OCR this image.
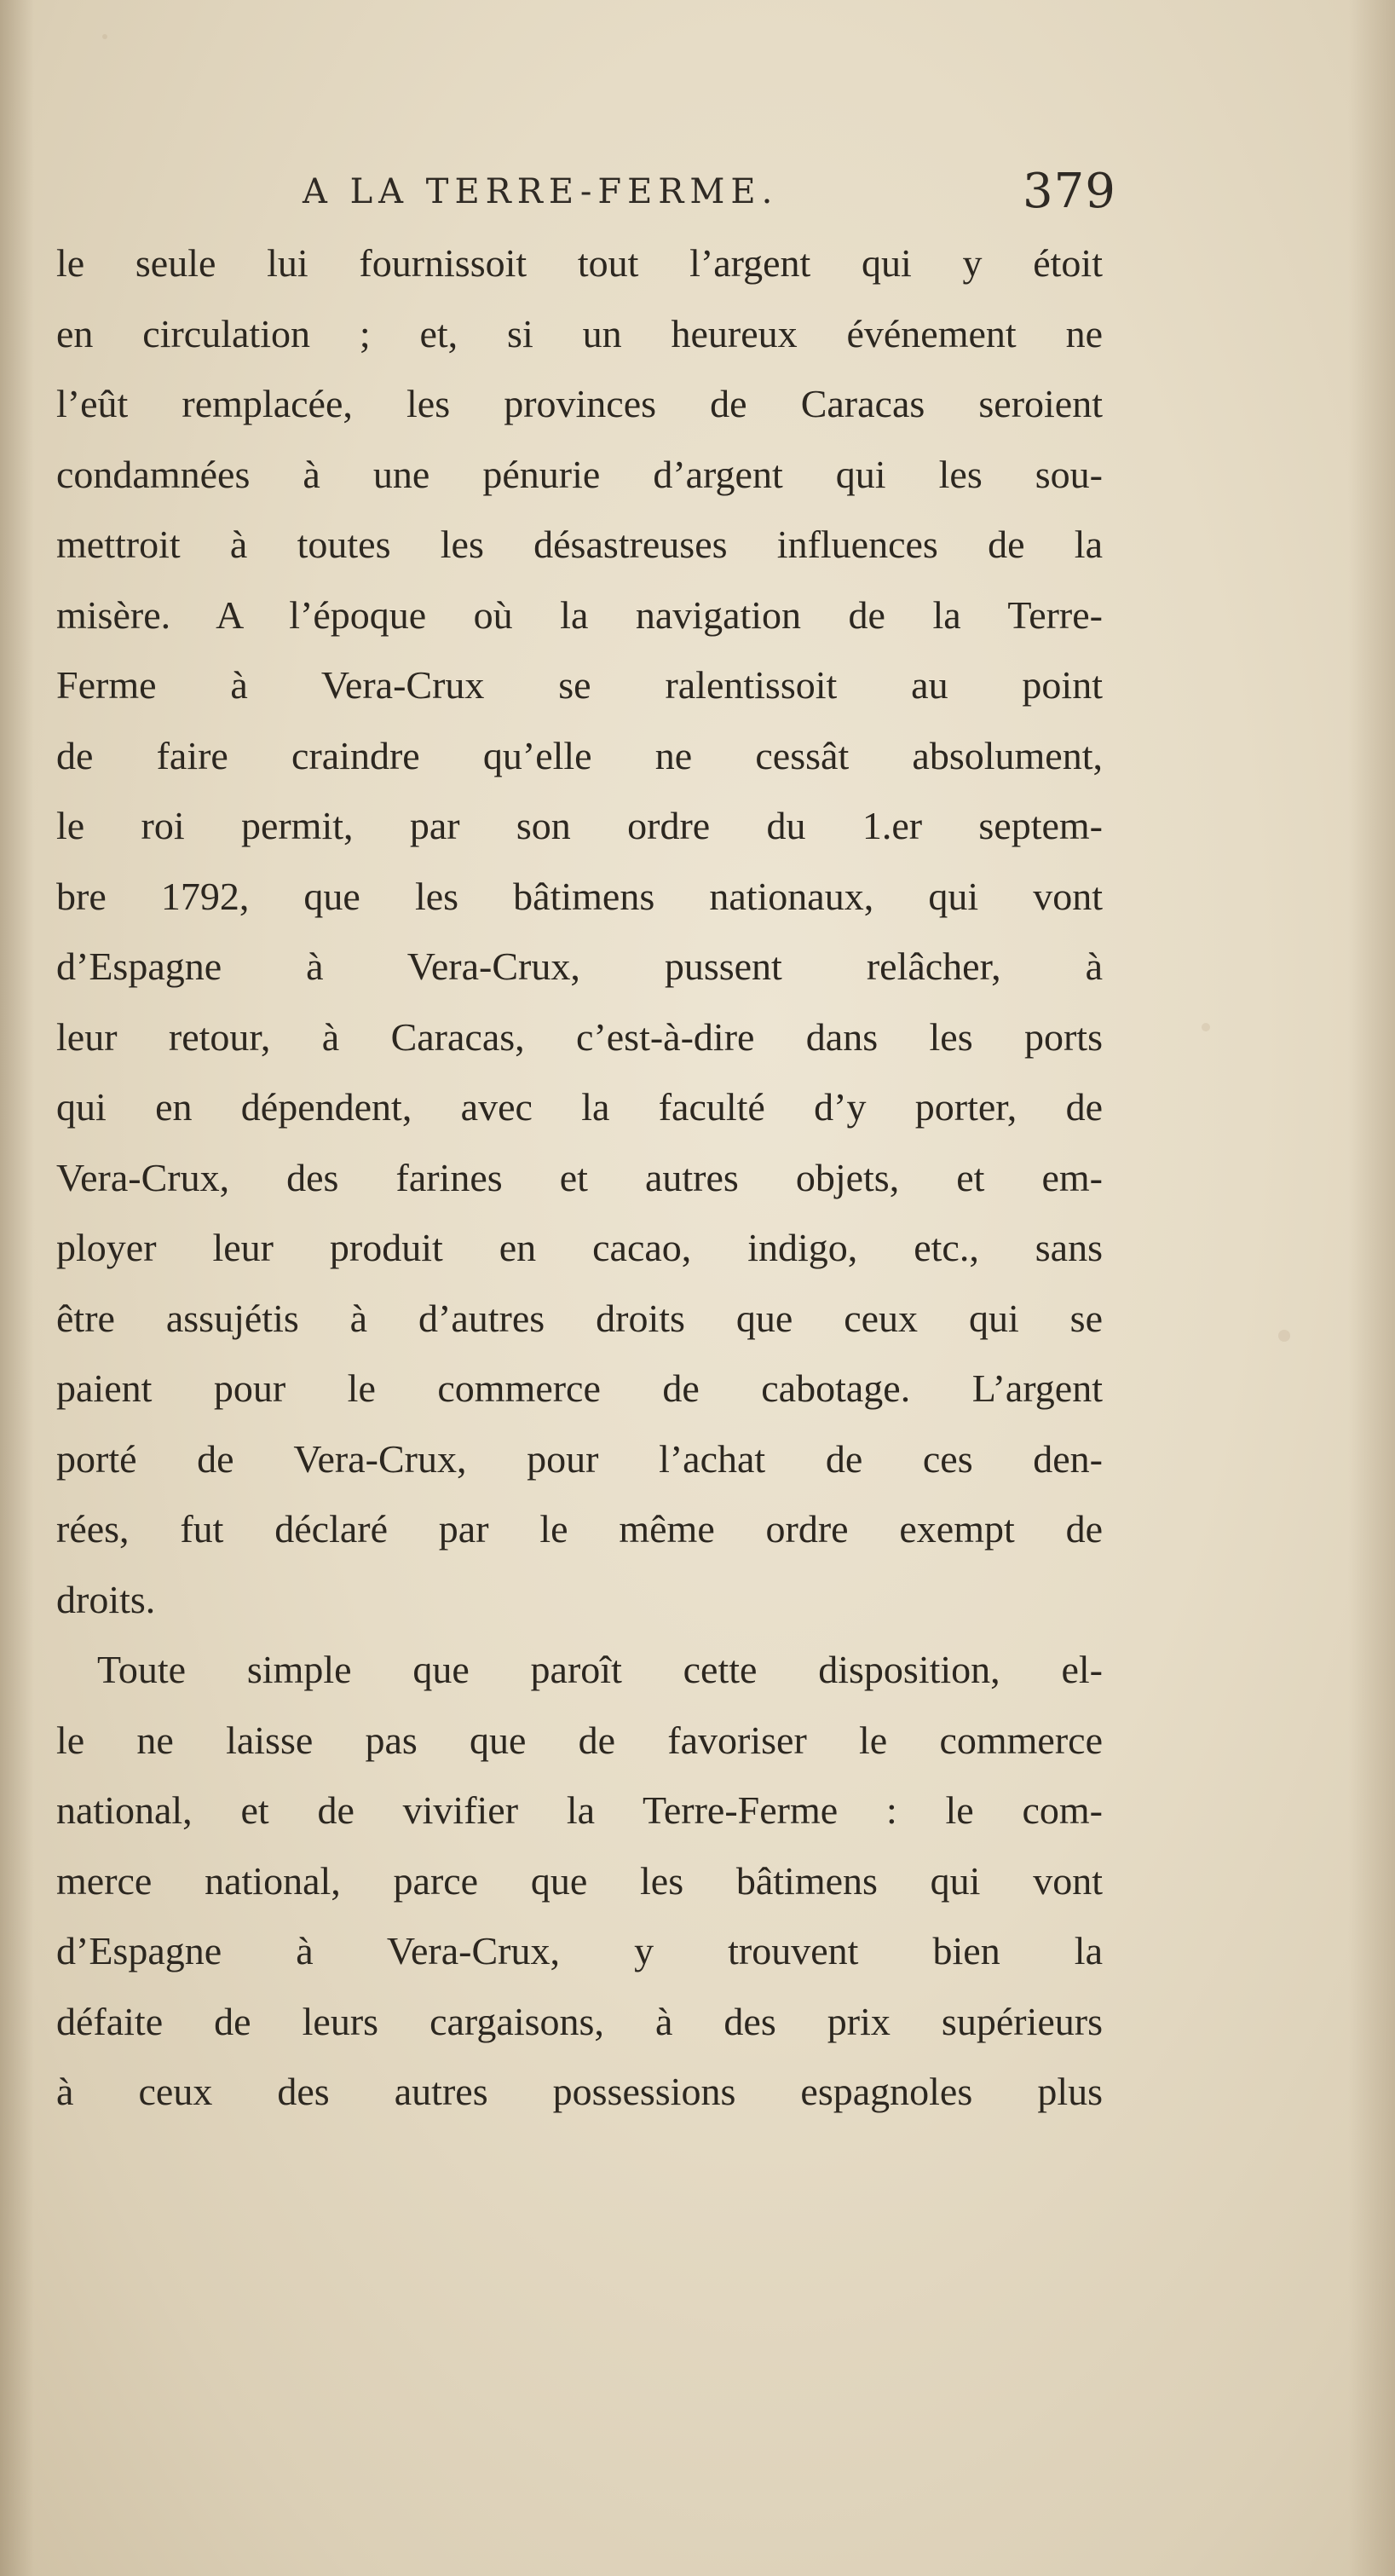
A LA TERRE-FERME.	379
le seule lui fournissoit tout l’argent qui y étoit
en circulation ; et, si un heureux événement ne
l’eût remplacée, les provinces de Caracas seroient
condamnées à une pénurie d’argent qui les sou-
mettroit à toutes les désastreuses influences de la
misère. A l’époque où la navigation de la Terre-
Ferme à Vera-Crux se ralentissoit au point
de faire craindre qu’elle ne cessât absolument,
le roi permit, par son ordre du 1.er septem-
bre 1792, que les bâtimens nationaux, qui vont
d’Espagne à Vera-Crux, pussent relâcher, à
leur retour, à Caracas, c’est-à-dire dans les ports
qui en dépendent, avec la faculté d’y porter, de
Vera-Crux, des farines et autres objets, et em-
ployer leur produit en cacao, indigo, etc., sans
être assujétis à d’autres droits que ceux qui se
paient pour le commerce de cabotage. L’argent
porté de Vera-Crux, pour l’achat de ces den-
rées, fut déclaré par le même ordre exempt de
droits.
Toute simple que paroît cette disposition, el-
le ne laisse pas que de favoriser le commerce
national, et de vivifier la Terre-Ferme : le com-
merce national, parce que les bâtimens qui vont
d’Espagne à Vera-Crux, y trouvent bien la
défaite de leurs cargaisons, à des prix supérieurs
à ceux des autres possessions espagnoles plus
